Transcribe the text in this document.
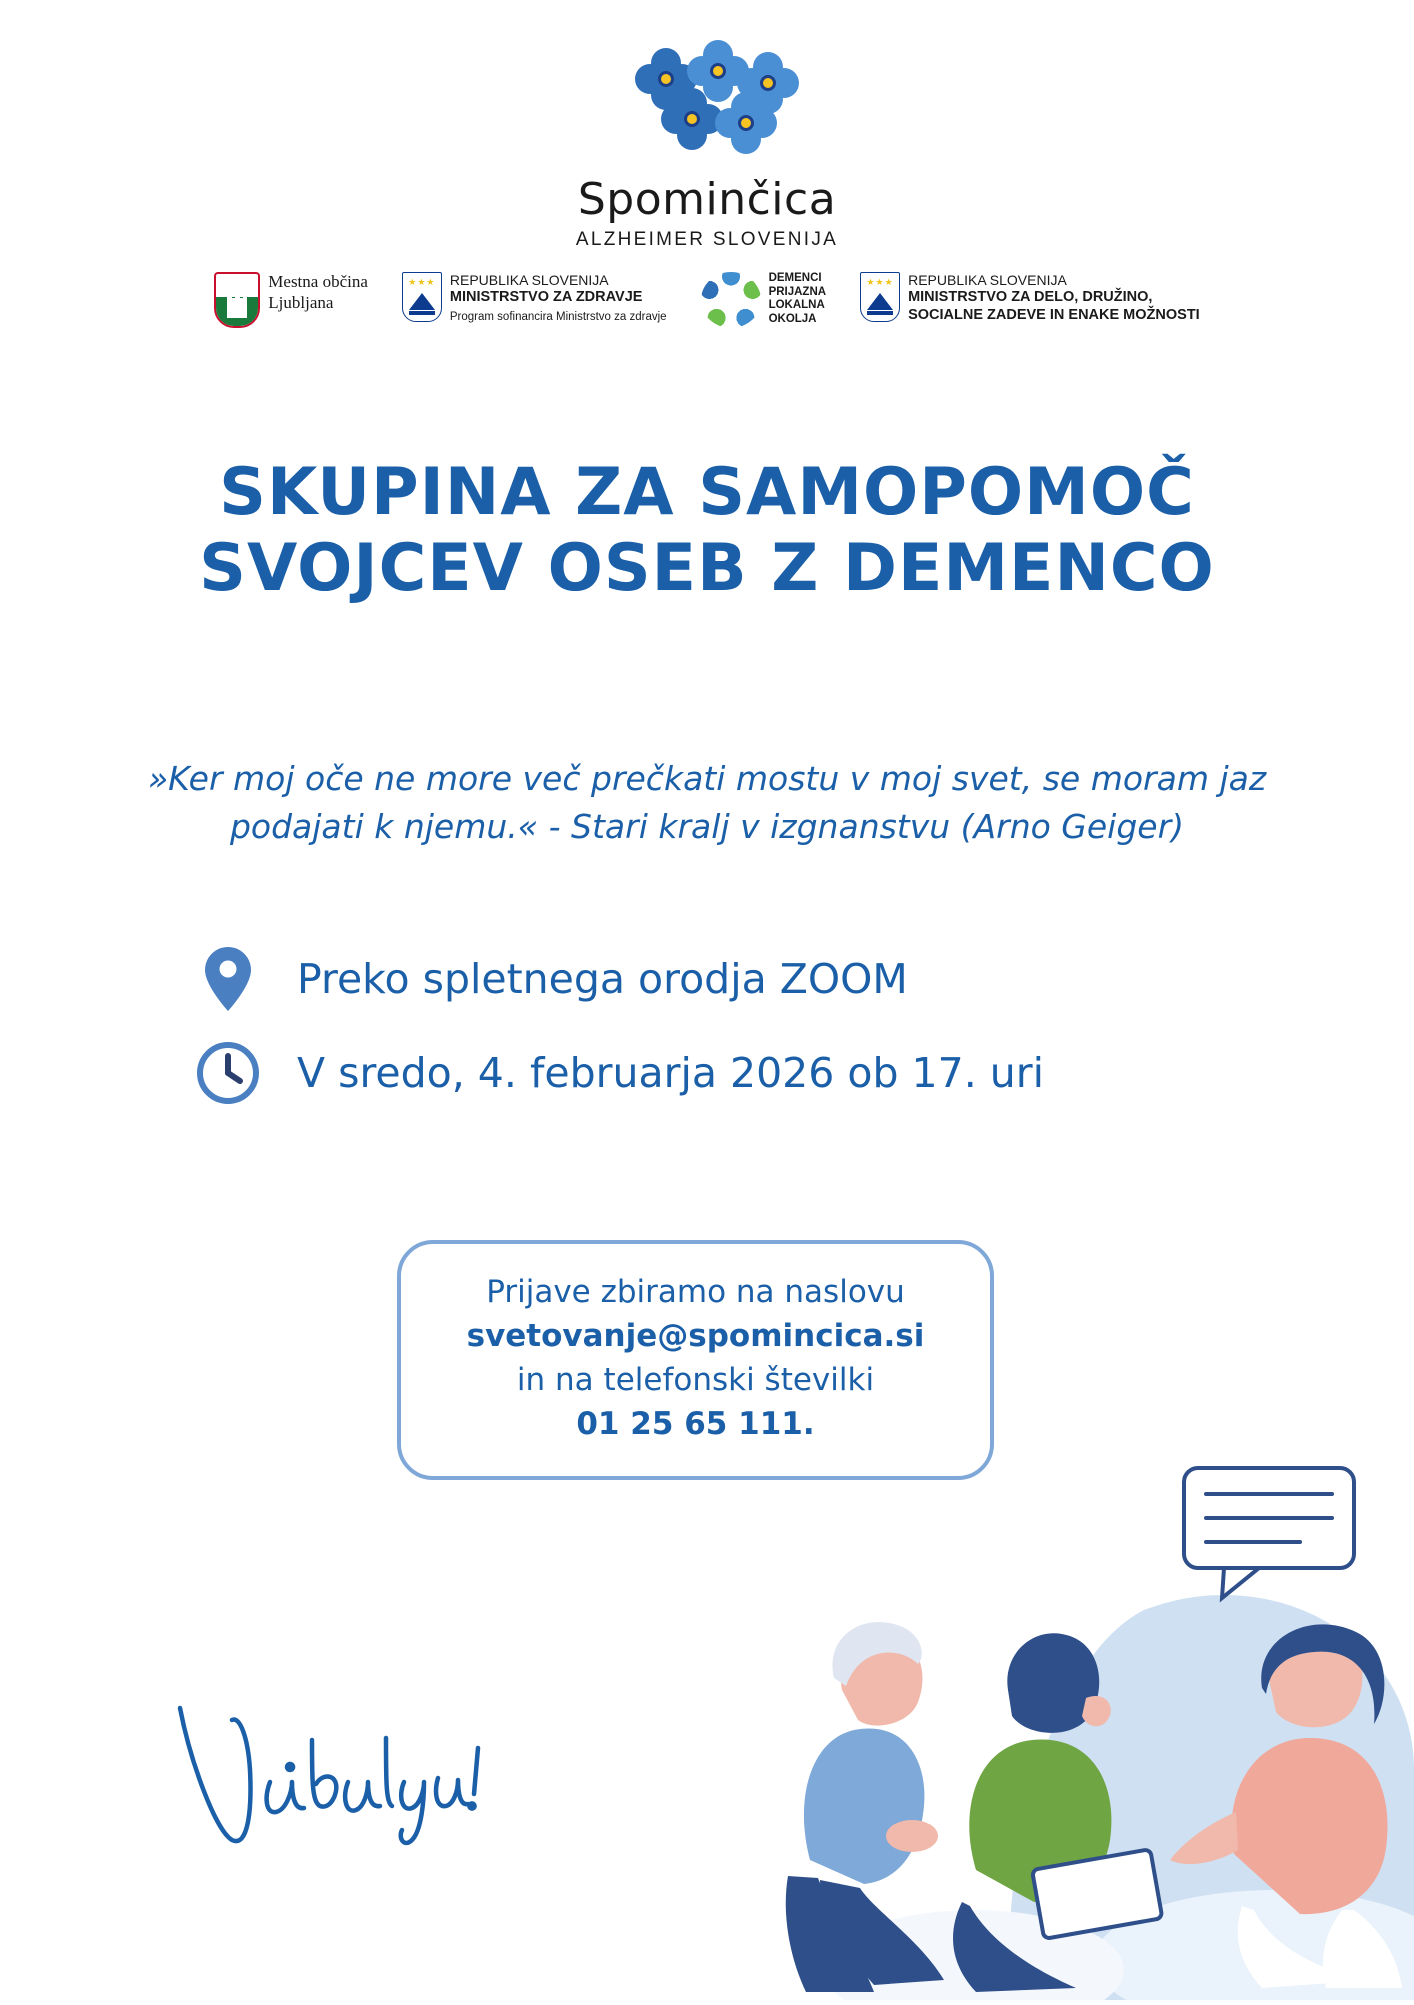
Spominčica
ALZHEIMER SLOVENIJA
Mestna občina
Ljubljana
★★★	REPUBLIKA SLOVENIJA
MINISTRSTVO ZA ZDRAVJE
Program sofinancira Ministrstvo za zdravje
DEMENCI
PRIJAZNA
LOKALNA
OKOLJA
★★★	REPUBLIKA SLOVENIJA
MINISTRSTVO ZA DELO, DRUŽINO,
SOCIALNE ZADEVE IN ENAKE MOŽNOSTI
SKUPINA ZA SAMOPOMOČ
SVOJCEV OSEB Z DEMENCO
»Ker moj oče ne more več prečkati mostu v moj svet, se moram jaz podajati k njemu.« - Stari kralj v izgnanstvu (Arno Geiger)
Preko spletnega orodja ZOOM
V sredo, 4. februarja 2026 ob 17. uri
Prijave zbiramo na naslovu
svetovanje@spomincica.si
in na telefonski številki
01 25 65 111.
